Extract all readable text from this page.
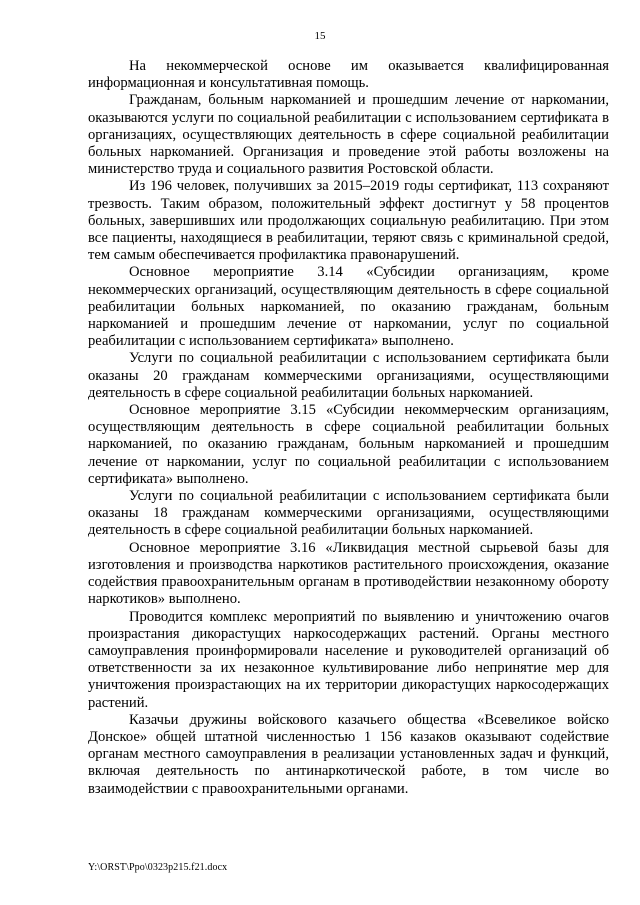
15

На некоммерческой основе им оказывается квалифицированная информационная и консультативная помощь.

Гражданам, больным наркоманией и прошедшим лечение от наркомании, оказываются услуги по социальной реабилитации с использованием сертификата в организациях, осуществляющих деятельность в сфере социальной реабилитации больных наркоманией. Организация и проведение этой работы возложены на министерство труда и социального развития Ростовской области.

Из 196 человек, получивших за 2015–2019 годы сертификат, 113 сохраняют трезвость. Таким образом, положительный эффект достигнут у 58 процентов больных, завершивших или продолжающих социальную реабилитацию. При этом все пациенты, находящиеся в реабилитации, теряют связь с криминальной средой, тем самым обеспечивается профилактика правонарушений.

Основное мероприятие 3.14 «Субсидии организациям, кроме некоммерческих организаций, осуществляющим деятельность в сфере социальной реабилитации больных наркоманией, по оказанию гражданам, больным наркоманией и прошедшим лечение от наркомании, услуг по социальной реабилитации с использованием сертификата» выполнено.

Услуги по социальной реабилитации с использованием сертификата были оказаны 20 гражданам коммерческими организациями, осуществляющими деятельность в сфере социальной реабилитации больных наркоманией.

Основное мероприятие 3.15 «Субсидии некоммерческим организациям, осуществляющим деятельность в сфере социальной реабилитации больных наркоманией, по оказанию гражданам, больным наркоманией и прошедшим лечение от наркомании, услуг по социальной реабилитации с использованием сертификата» выполнено.

Услуги по социальной реабилитации с использованием сертификата были оказаны 18 гражданам коммерческими организациями, осуществляющими деятельность в сфере социальной реабилитации больных наркоманией.

Основное мероприятие 3.16 «Ликвидация местной сырьевой базы для изготовления и производства наркотиков растительного происхождения, оказание содействия правоохранительным органам в противодействии незаконному обороту наркотиков» выполнено.

Проводится комплекс мероприятий по выявлению и уничтожению очагов произрастания дикорастущих наркосодержащих растений. Органы местного самоуправления проинформировали население и руководителей организаций об ответственности за их незаконное культивирование либо непринятие мер для уничтожения произрастающих на их территории дикорастущих наркосодержащих растений.

Казачьи дружины войскового казачьего общества «Всевеликое войско Донское» общей штатной численностью 1 156 казаков оказывают содействие органам местного самоуправления в реализации установленных задач и функций, включая деятельность по антинаркотической работе, в том числе во взаимодействии с правоохранительными органами.

Y:\ORST\Ppo\0323p215.f21.docx
